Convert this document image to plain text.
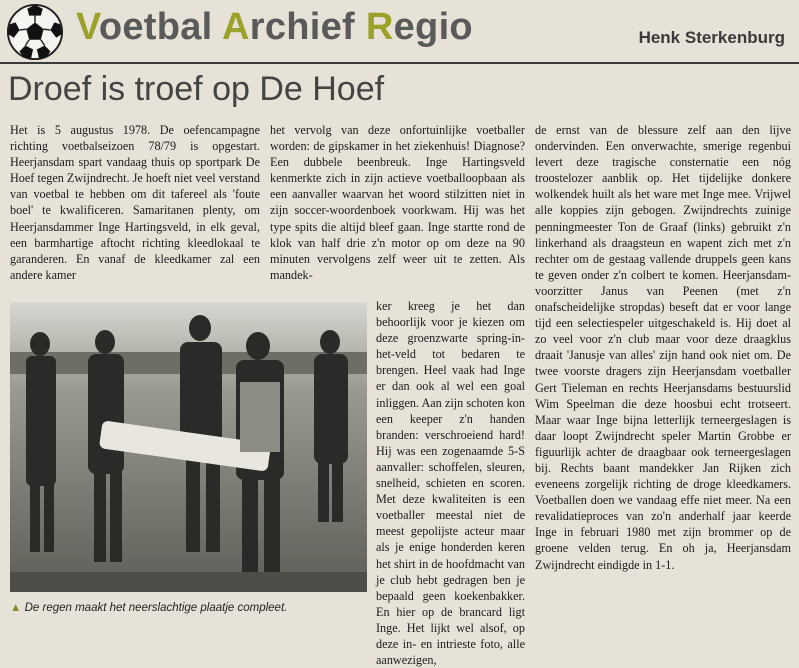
Voetbal Archief Regio	Henk Sterkenburg
Droef is troef op De Hoef
Het is 5 augustus 1978. De oefencampagne richting voetbalseizoen 78/79 is opgestart. Heerjansdam spart vandaag thuis op sportpark De Hoef tegen Zwijndrecht. Je hoeft niet veel verstand van voetbal te hebben om dit tafereel als 'foute boel' te kwalificeren. Samaritanen plenty, om Heerjansdammer Inge Hartingsveld, in elk geval, een barmhartige aftocht richting kleedlokaal te garanderen. En vanaf de kleedkamer zal een andere kamer
het vervolg van deze onfortuinlijke voetballer worden: de gipskamer in het ziekenhuis! Diagnose? Een dubbele beenbreuk. Inge Hartingsveld kenmerkte zich in zijn actieve voetballoopbaan als een aanvaller waarvan het woord stilzitten niet in zijn soccer-woordenboek voorkwam. Hij was het type spits die altijd bleef gaan. Inge startte rond de klok van half drie z'n motor op om deze na 90 minuten vervolgens zelf weer uit te zetten. Als mandek-
ker kreeg je het dan behoorlijk voor je kiezen om deze groenzwarte spring-in-het-veld tot bedaren te brengen. Heel vaak had Inge er dan ook al wel een goal inliggen. Aan zijn schoten kon een keeper z'n handen branden: verschroeiend hard! Hij was een zogenaamde 5-S aanvaller: schoffelen, sleuren, snelheid, schieten en scoren. Met deze kwaliteiten is een voetballer meestal niet de meest gepolijste acteur maar als je enige honderden keren het shirt in de hoofdmacht van je club hebt gedragen ben je bepaald geen koekenbakker. En hier op de brancard ligt Inge. Het lijkt wel alsof, op deze in- en intrieste foto, alle aanwezigen,
de ernst van de blessure zelf aan den lijve ondervinden. Een onverwachte, smerige regenbui levert deze tragische consternatie een nóg troostelozer aanblik op. Het tijdelijke donkere wolkendek huilt als het ware met Inge mee. Vrijwel alle koppies zijn gebogen. Zwijndrechts zuinige penningmeester Ton de Graaf (links) gebruikt z'n linkerhand als draagsteun en wapent zich met z'n rechter om de gestaag vallende druppels geen kans te geven onder z'n colbert te komen. Heerjansdam-voorzitter Janus van Peenen (met z'n onafscheidelijke stropdas) beseft dat er voor lange tijd een selectiespeler uitgeschakeld is. Hij doet al zo veel voor z'n club maar voor deze draagklus draait 'Janusje van alles' zijn hand ook niet om. De twee voorste dragers zijn Heerjansdam voetballer Gert Tieleman en rechts Heerjansdams bestuurslid Wim Speelman die deze hoosbui echt trotseert. Maar waar Inge bijna letterlijk terneergeslagen is daar loopt Zwijndrecht speler Martin Grobbe er figuurlijk achter de draagbaar ook terneergeslagen bij. Rechts baant mandekker Jan Rijken zich eveneens zorgelijk richting de droge kleedkamers. Voetballen doen we vandaag effe niet meer. Na een revalidatieproces van zo'n anderhalf jaar keerde Inge in februari 1980 met zijn brommer op de groene velden terug. En oh ja, Heerjansdam Zwijndrecht eindigde in 1-1.
▲ De regen maakt het neerslachtige plaatje compleet.
